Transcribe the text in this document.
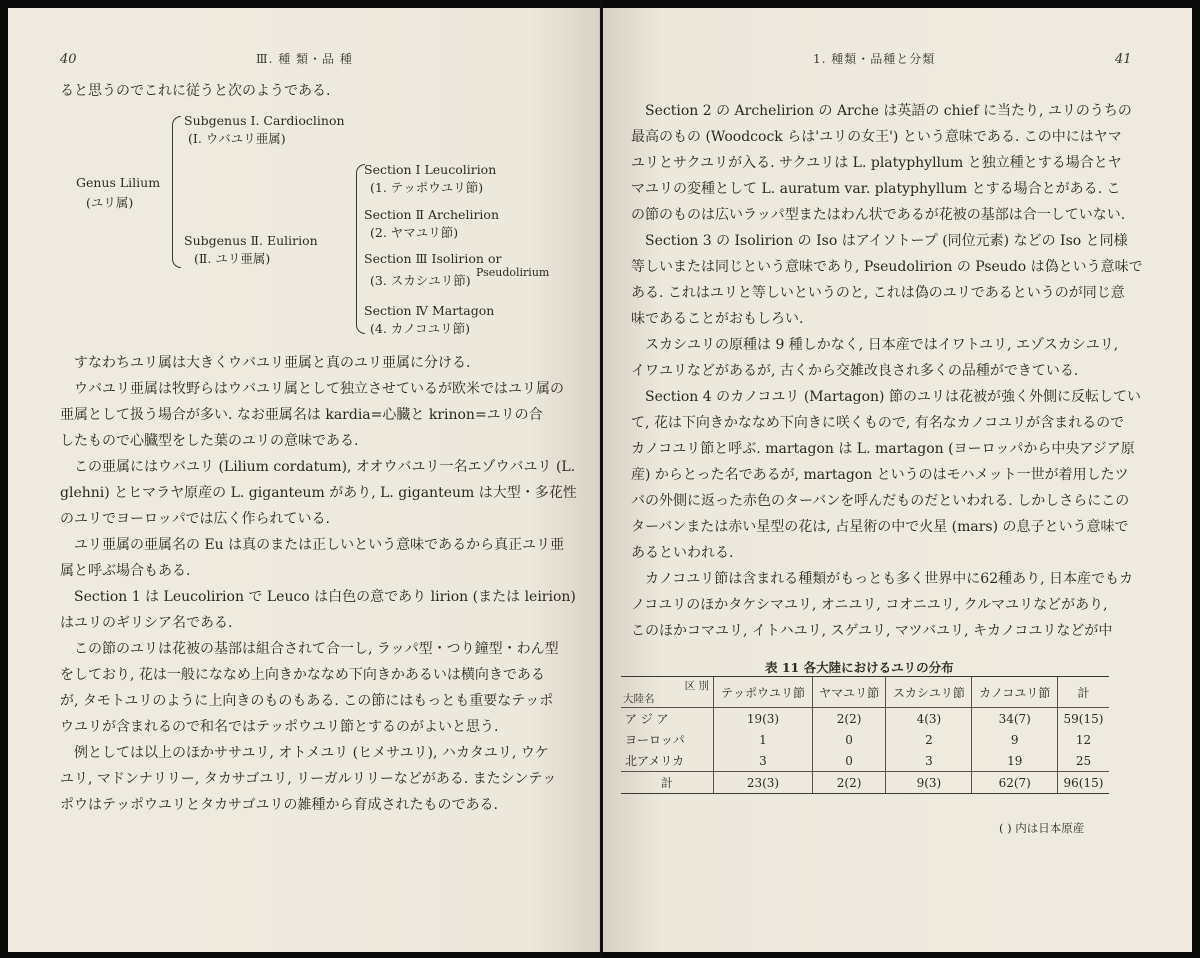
40	Ⅲ. 種 類・品 種
ると思うのでこれに従うと次のようである.
Genus Lilium
(ユリ属)
Subgenus I. Cardioclinon
(I. ウバユリ亜属)
Subgenus Ⅱ. Eulirion
(Ⅱ. ユリ亜属)
Section I Leucolirion
(1. テッポウユリ節)
Section Ⅱ Archelirion
(2. ヤマユリ節)
Section Ⅲ Isolirion or
Pseudolirium
(3. スカシユリ節)
Section Ⅳ Martagon
(4. カノコユリ節)
すなわちユリ属は大きくウバユリ亜属と真のユリ亜属に分ける.
ウバユリ亜属は牧野らはウバユリ属として独立させているが欧米ではユリ属の
亜属として扱う場合が多い. なお亜属名は kardia=心臓と krinon=ユリの合
したもので心臓型をした葉のユリの意味である.
この亜属にはウバユリ (Lilium cordatum), オオウバユリ一名エゾウバユリ (L.
glehni) とヒマラヤ原産の L. giganteum があり, L. giganteum は大型・多花性
のユリでヨーロッパでは広く作られている.
ユリ亜属の亜属名の Eu は真のまたは正しいという意味であるから真正ユリ亜
属と呼ぶ場合もある.
Section 1 は Leucolirion で Leuco は白色の意であり lirion (または leirion)
はユリのギリシア名である.
この節のユリは花被の基部は組合されて合一し, ラッパ型・つり鐘型・わん型
をしており, 花は一般にななめ上向きかななめ下向きかあるいは横向きである
が, タモトユリのように上向きのものもある. この節にはもっとも重要なテッポ
ウユリが含まれるので和名ではテッポウユリ節とするのがよいと思う.
例としては以上のほかササユリ, オトメユリ (ヒメサユリ), ハカタユリ, ウケ
ユリ, マドンナリリー, タカサゴユリ, リーガルリリーなどがある. またシンテッ
ポウはテッポウユリとタカサゴユリの雑種から育成されたものである.
1. 種類・品種と分類	41
Section 2 の Archelirion の Arche は英語の chief に当たり, ユリのうちの
最高のもの (Woodcock らは'ユリの女王') という意味である. この中にはヤマ
ユリとサクユリが入る. サクユリは L. platyphyllum と独立種とする場合とヤ
マユリの変種として L. auratum var. platyphyllum とする場合とがある. こ
の節のものは広いラッパ型またはわん状であるが花被の基部は合一していない.
Section 3 の Isolirion の Iso はアイソトープ (同位元素) などの Iso と同様
等しいまたは同じという意味であり, Pseudolirion の Pseudo は偽という意味で
ある. これはユリと等しいというのと, これは偽のユリであるというのが同じ意
味であることがおもしろい.
スカシユリの原種は 9 種しかなく, 日本産ではイワトユリ, エゾスカシユリ,
イワユリなどがあるが, 古くから交雑改良され多くの品種ができている.
Section 4 のカノコユリ (Martagon) 節のユリは花被が強く外側に反転してい
て, 花は下向きかななめ下向きに咲くもので, 有名なカノコユリが含まれるので
カノコユリ節と呼ぶ. martagon は L. martagon (ヨーロッパから中央アジア原
産) からとった名であるが, martagon というのはモハメット一世が着用したツ
バの外側に返った赤色のターバンを呼んだものだといわれる. しかしさらにこの
ターバンまたは赤い星型の花は, 占星術の中で火星 (mars) の息子という意味で
あるといわれる.
カノコユリ節は含まれる種類がもっとも多く世界中に62種あり, 日本産でもカ
ノコユリのほかタケシマユリ, オニユリ, コオニユリ, クルマユリなどがあり,
このほかコマユリ, イトハユリ, スゲユリ, マツバユリ, キカノコユリなどが中
表 11 各大陸におけるユリの分布
区 別
大陸名	テッポウユリ節	ヤマユリ節	スカシユリ節	カノコユリ節	計
ア ジ ア	19(3)	2(2)	4(3)	34(7)	59(15)
ヨーロッパ	1	0	2	9	12
北アメリカ	3	0	3	19	25
計	23(3)	2(2)	9(3)	62(7)	96(15)
( ) 内は日本原産
